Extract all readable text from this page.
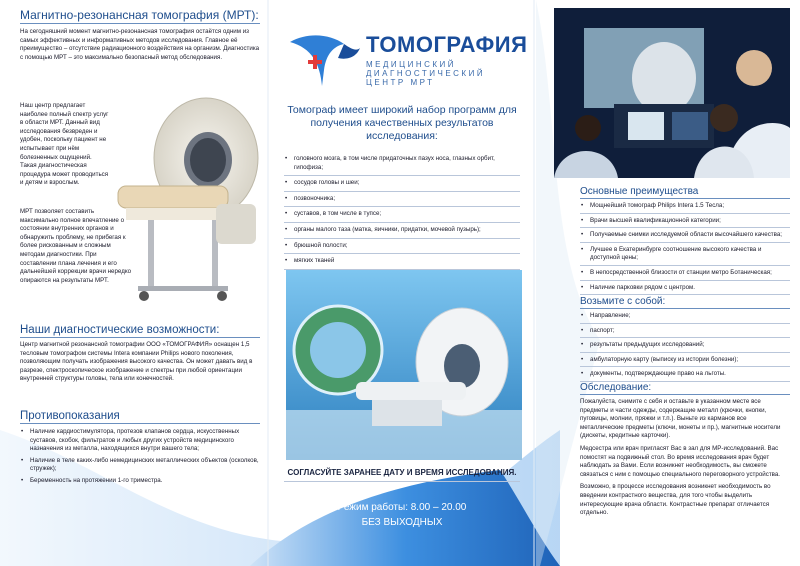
Магнитно-резонансная томография (МРТ):
На сегодняшний момент магнитно-резонансная томография остаётся одним из самых эффективных и информативных методов исследования. Главное её преимущество – отсутствие радиационного воздействия на организм. Диагностика с помощью МРТ – это максимально безопасный метод обследования.
Наш центр предлагает наиболее полный спектр услуг в области МРТ. Данный вид исследования безвреден и удобен, поскольку пациент не испытывает при нём болезненных ощущений. Такая диагностическая процедура может проводиться и детям и взрослым.
МРТ позволяет составить максимально полное впечатление о состоянии внутренних органов и обнаружить проблему, не прибегая к более рискованным и сложным методам диагностики. При составлении плана лечения и его дальнейшей коррекции врачи нередко опираются на результаты МРТ.
Наши диагностические возможности:
Центр магнитной резонансной томографии ООО «ТОМОГРАФИЯ» оснащен 1,5 тесловым томографом системы Intera компании Philips нового поколения, позволяющим получать изображения высокого качества. Он может давать вид в разрезе, спектроскопическое изображение и спектры при любой ориентации внутренней структуры головы, тела или конечностей.
Противопоказания
• Наличие кардиостимулятора, протезов клапанов сердца, искусственных суставов, скобок, фильтратов и любых других устройств медицинского назначения из металла, находящихся внутри вашего тела;
• Наличие в теле каких-либо немедицинских металлических объектов (осколков, стружек);
• Беременность на протяжении 1-го триместра.
ТОМОГРАФИЯ
МЕДИЦИНСКИЙ ДИАГНОСТИЧЕСКИЙ ЦЕНТР МРТ
Томограф имеет широкий набор программ для получения качественных результатов исследования:
• головного мозга, в том числе придаточных пазух носа, глазных орбит, гипофиза;
• сосудов головы и шеи;
• позвоночника;
• суставов, в том числе в тупсе;
• органы малого таза (матка, яичники, придатки, мочевой пузырь);
• брюшной полости;
• мягких тканей
СОГЛАСУЙТЕ ЗАРАНЕЕ ДАТУ И ВРЕМЯ ИССЛЕДОВАНИЯ.
Режим работы: 8.00 – 20.00
БЕЗ ВЫХОДНЫХ
Основные преимущества
• Мощнейший томограф Philips Intera 1.5 Тесла;
• Врачи высшей квалификационной категории;
• Получаемые снимки исследуемой области высочайшего качества;
• Лучшее в Екатеринбурге соотношение высокого качества и доступной цены;
• В непосредственной близости от станции метро Ботаническая;
• Наличие парковки рядом с центром.
Возьмите с собой:
• Направление;
• паспорт;
• результаты предыдущих исследований;
• амбулаторную карту (выписку из истории болезни);
• документы, подтверждающие право на льготы.
Обследование:

Пожалуйста, снимите с себя и оставьте в указанном месте все предметы и части одежды, содержащие металл (крючки, кнопки, пуговицы, молнии, пряжки и т.п.). Выньте из карманов все металлические предметы (ключи, монеты и пр.), магнитные носители (дискеты, кредитные карточки).

Медсестра или врач пригласят Вас в зал для МР-исследований. Вас помостят на подвижный стол. Во время исследования врач будет наблюдать за Вами. Если возникнет необходимость, вы сможете связаться с ним с помощью специального переговорного устройства.

Возможно, в процессе исследования возникнет необходимость во введении контрастного вещества, для того чтобы выделить интересующие врача области. Контрастные препарат отличается отдельно.
